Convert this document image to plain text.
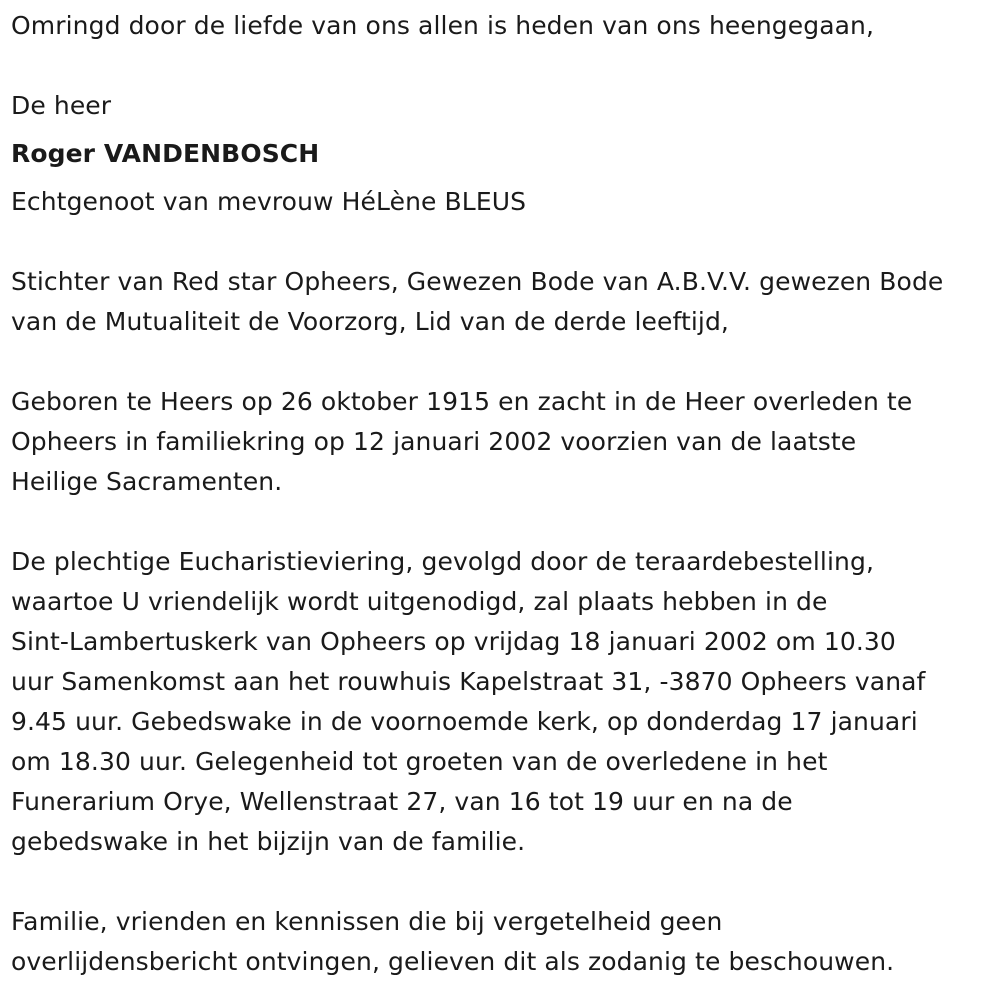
Omringd door de liefde van ons allen is heden van ons heengegaan,
De heer
Roger VANDENBOSCH
Echtgenoot van mevrouw HéLène BLEUS
Stichter van Red star Opheers, Gewezen Bode van A.B.V.V. gewezen Bode
van de Mutualiteit de Voorzorg, Lid van de derde leeftijd,
Geboren te Heers op 26 oktober 1915 en zacht in de Heer overleden te
Opheers in familiekring op 12 januari 2002 voorzien van de laatste
Heilige Sacramenten.
De plechtige Eucharistieviering, gevolgd door de teraardebestelling,
waartoe U vriendelijk wordt uitgenodigd, zal plaats hebben in de
Sint-Lambertuskerk van Opheers op vrijdag 18 januari 2002 om 10.30
uur Samenkomst aan het rouwhuis Kapelstraat 31, -3870 Opheers vanaf
9.45 uur. Gebedswake in de voornoemde kerk, op donderdag 17 januari
om 18.30 uur. Gelegenheid tot groeten van de overledene in het
Funerarium Orye, Wellenstraat 27, van 16 tot 19 uur en na de
gebedswake in het bijzijn van de familie.
Familie, vrienden en kennissen die bij vergetelheid geen
overlijdensbericht ontvingen, gelieven dit als zodanig te beschouwen.
